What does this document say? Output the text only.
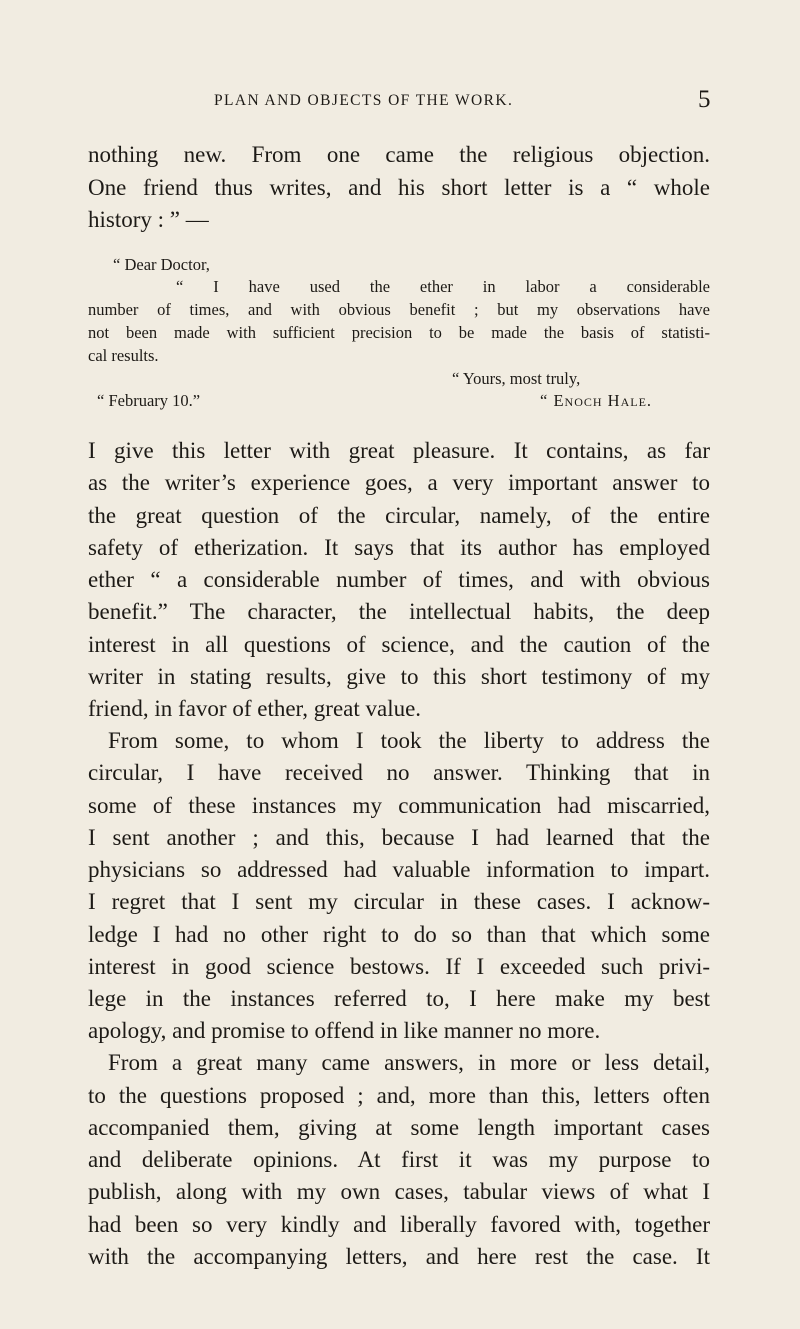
PLAN AND OBJECTS OF THE WORK.	5
nothing new. From one came the religious objection.
One friend thus writes, and his short letter is a “ whole
history : ” —
“ Dear Doctor,
“ I have used the ether in labor a considerable
number of times, and with obvious benefit ; but my observations have
not been made with sufficient precision to be made the basis of statisti-
cal results.
“ Yours, most truly,
“ February 10.”	“ Enoch Hale.
I give this letter with great pleasure. It contains, as far
as the writer’s experience goes, a very important answer to
the great question of the circular, namely, of the entire
safety of etherization. It says that its author has employed
ether “ a considerable number of times, and with obvious
benefit.” The character, the intellectual habits, the deep
interest in all questions of science, and the caution of the
writer in stating results, give to this short testimony of my
friend, in favor of ether, great value.
From some, to whom I took the liberty to address the
circular, I have received no answer. Thinking that in
some of these instances my communication had miscarried,
I sent another ; and this, because I had learned that the
physicians so addressed had valuable information to impart.
I regret that I sent my circular in these cases. I acknow-
ledge I had no other right to do so than that which some
interest in good science bestows. If I exceeded such privi-
lege in the instances referred to, I here make my best
apology, and promise to offend in like manner no more.
From a great many came answers, in more or less detail,
to the questions proposed ; and, more than this, letters often
accompanied them, giving at some length important cases
and deliberate opinions. At first it was my purpose to
publish, along with my own cases, tabular views of what I
had been so very kindly and liberally favored with, together
with the accompanying letters, and here rest the case. It
